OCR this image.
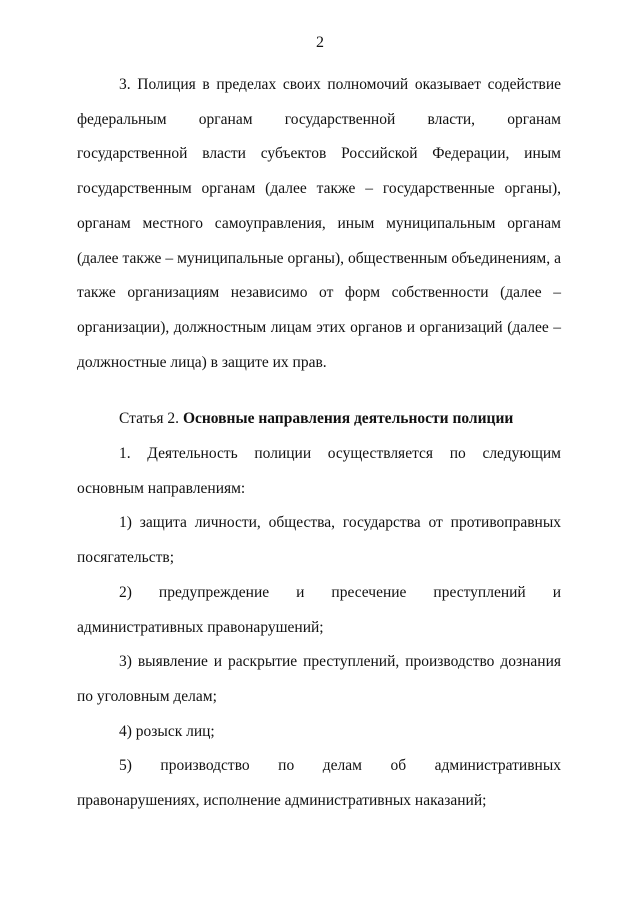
2

3. Полиция в пределах своих полномочий оказывает содействие федеральным органам государственной власти, органам государственной власти субъектов Российской Федерации, иным государственным органам (далее также – государственные органы), органам местного самоуправления, иным муниципальным органам (далее также – муниципальные органы), общественным объединениям, а также организациям независимо от форм собственности (далее – организации), должностным лицам этих органов и организаций (далее – должностные лица) в защите их прав.

Статья 2. Основные направления деятельности полиции

1. Деятельность полиции осуществляется по следующим основным направлениям:

1) защита личности, общества, государства от противоправных посягательств;

2) предупреждение и пресечение преступлений и административных правонарушений;

3) выявление и раскрытие преступлений, производство дознания по уголовным делам;

4) розыск лиц;

5) производство по делам об административных правонарушениях, исполнение административных наказаний;
